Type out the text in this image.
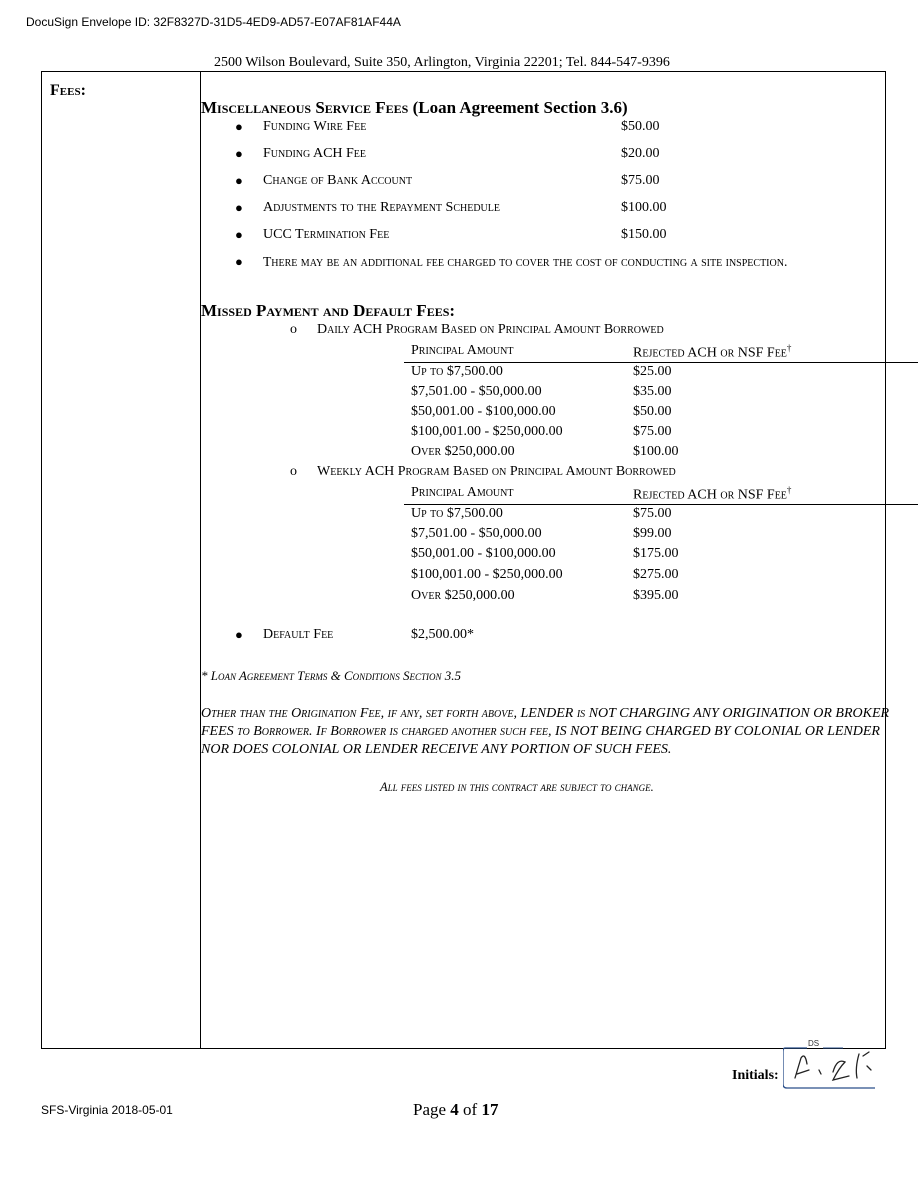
DocuSign Envelope ID: 32F8327D-31D5-4ED9-AD57-E07AF81AF44A
2500 Wilson Boulevard, Suite 350, Arlington, Virginia 22201; Tel. 844-547-9396
Fees:
Miscellaneous Service Fees (Loan Agreement Section 3.6)
● Funding Wire Fee	$50.00
● Funding ACH Fee	$20.00
● Change of Bank Account	$75.00
● Adjustments to the Repayment Schedule	$100.00
● UCC Termination Fee	$150.00
● There may be an additional fee charged to cover the cost of conducting a site inspection.
Missed Payment and Default Fees:
o Daily ACH Program Based on Principal Amount Borrowed
Principal Amount	Rejected ACH or NSF Fee†
Up to $7,500.00	$25.00
$7,501.00 - $50,000.00	$35.00
$50,001.00 - $100,000.00	$50.00
$100,001.00 - $250,000.00	$75.00
Over $250,000.00	$100.00
o Weekly ACH Program Based on Principal Amount Borrowed
Principal Amount	Rejected ACH or NSF Fee†
Up to $7,500.00	$75.00
$7,501.00 - $50,000.00	$99.00
$50,001.00 - $100,000.00	$175.00
$100,001.00 - $250,000.00	$275.00
Over $250,000.00	$395.00
● Default Fee	$2,500.00*
* Loan Agreement Terms & Conditions Section 3.5
Other than the Origination Fee, if any, set forth above, LENDER is NOT CHARGING ANY ORIGINATION OR BROKER FEES to Borrower. If Borrower is charged another such fee, IS NOT BEING CHARGED BY COLONIAL OR LENDER NOR DOES COLONIAL OR LENDER RECEIVE ANY PORTION OF SUCH FEES.
All fees listed in this contract are subject to change.
Initials:
DS
SFS-Virginia 2018-05-01	Page 4 of 17
